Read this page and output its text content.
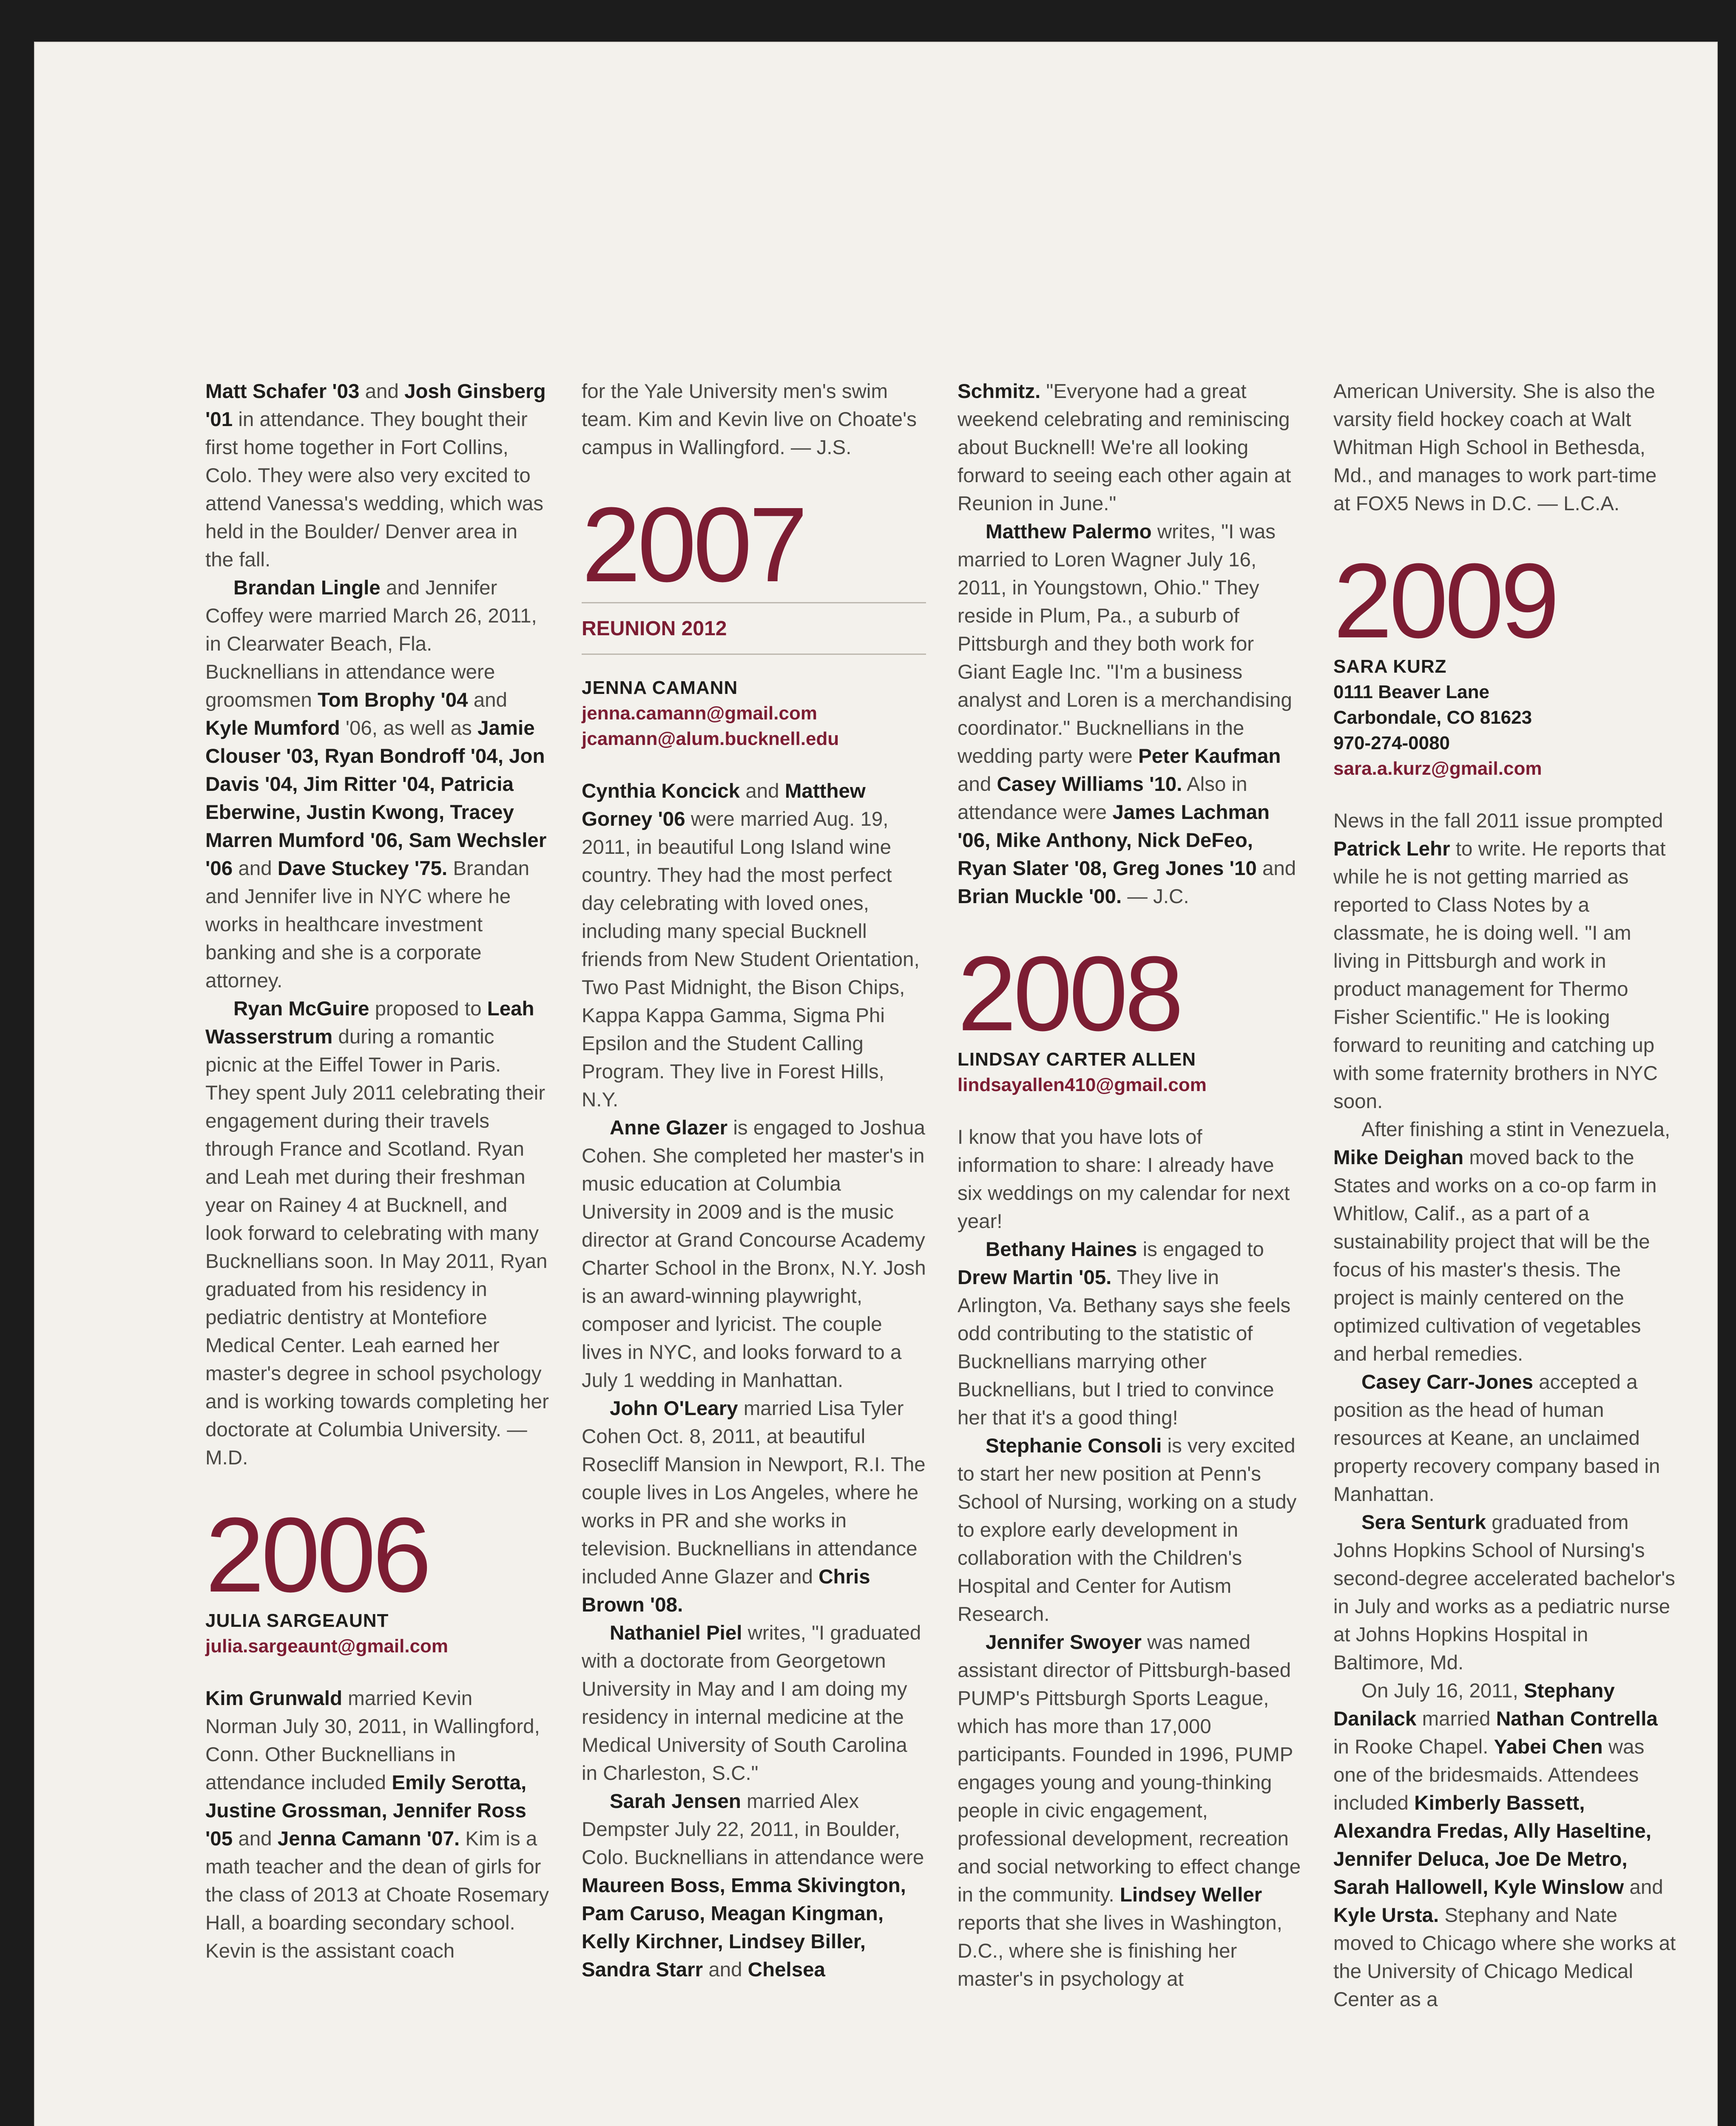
Matt Schafer '03 and Josh Ginsberg '01 in attendance. They bought their first home together in Fort Collins, Colo. They were also very excited to attend Vanessa's wedding, which was held in the Boulder/ Denver area in the fall.

Brandan Lingle and Jennifer Coffey were married March 26, 2011, in Clearwater Beach, Fla. Bucknellians in attendance were groomsmen Tom Brophy '04 and Kyle Mumford '06, as well as Jamie Clouser '03, Ryan Bondroff '04, Jon Davis '04, Jim Ritter '04, Patricia Eberwine, Justin Kwong, Tracey Marren Mumford '06, Sam Wechsler '06 and Dave Stuckey '75. Brandan and Jennifer live in NYC where he works in healthcare investment banking and she is a corporate attorney.

Ryan McGuire proposed to Leah Wasserstrum during a romantic picnic at the Eiffel Tower in Paris. They spent July 2011 celebrating their engagement during their travels through France and Scotland. Ryan and Leah met during their freshman year on Rainey 4 at Bucknell, and look forward to celebrating with many Bucknellians soon. In May 2011, Ryan graduated from his residency in pediatric dentistry at Montefiore Medical Center. Leah earned her master's degree in school psychology and is working towards completing her doctorate at Columbia University. — M.D.

2006
JULIA SARGEAUNT
julia.sargeaunt@gmail.com

Kim Grunwald married Kevin Norman July 30, 2011, in Wallingford, Conn. Other Bucknellians in attendance included Emily Serotta, Justine Grossman, Jennifer Ross '05 and Jenna Camann '07. Kim is a math teacher and the dean of girls for the class of 2013 at Choate Rosemary Hall, a boarding secondary school. Kevin is the assistant coach

for the Yale University men's swim team. Kim and Kevin live on Choate's campus in Wallingford. — J.S.

2007
REUNION 2012
JENNA CAMANN
jenna.camann@gmail.com
jcamann@alum.bucknell.edu

Cynthia Koncick and Matthew Gorney '06 were married Aug. 19, 2011, in beautiful Long Island wine country. They had the most perfect day celebrating with loved ones, including many special Bucknell friends from New Student Orientation, Two Past Midnight, the Bison Chips, Kappa Kappa Gamma, Sigma Phi Epsilon and the Student Calling Program. They live in Forest Hills, N.Y.

Anne Glazer is engaged to Joshua Cohen. She completed her master's in music education at Columbia University in 2009 and is the music director at Grand Concourse Academy Charter School in the Bronx, N.Y. Josh is an award-winning playwright, composer and lyricist. The couple lives in NYC, and looks forward to a July 1 wedding in Manhattan.

John O'Leary married Lisa Tyler Cohen Oct. 8, 2011, at beautiful Rosecliff Mansion in Newport, R.I. The couple lives in Los Angeles, where he works in PR and she works in television. Bucknellians in attendance included Anne Glazer and Chris Brown '08.

Nathaniel Piel writes, "I graduated with a doctorate from Georgetown University in May and I am doing my residency in internal medicine at the Medical University of South Carolina in Charleston, S.C."

Sarah Jensen married Alex Dempster July 22, 2011, in Boulder, Colo. Bucknellians in attendance were Maureen Boss, Emma Skivington, Pam Caruso, Meagan Kingman, Kelly Kirchner, Lindsey Biller, Sandra Starr and Chelsea

Schmitz. "Everyone had a great weekend celebrating and reminiscing about Bucknell! We're all looking forward to seeing each other again at Reunion in June."

Matthew Palermo writes, "I was married to Loren Wagner July 16, 2011, in Youngstown, Ohio." They reside in Plum, Pa., a suburb of Pittsburgh and they both work for Giant Eagle Inc. "I'm a business analyst and Loren is a merchandising coordinator." Bucknellians in the wedding party were Peter Kaufman and Casey Williams '10. Also in attendance were James Lachman '06, Mike Anthony, Nick DeFeo, Ryan Slater '08, Greg Jones '10 and Brian Muckle '00. — J.C.

2008
LINDSAY CARTER ALLEN
lindsayallen410@gmail.com

I know that you have lots of information to share: I already have six weddings on my calendar for next year!

Bethany Haines is engaged to Drew Martin '05. They live in Arlington, Va. Bethany says she feels odd contributing to the statistic of Bucknellians marrying other Bucknellians, but I tried to convince her that it's a good thing!

Stephanie Consoli is very excited to start her new position at Penn's School of Nursing, working on a study to explore early development in collaboration with the Children's Hospital and Center for Autism Research.

Jennifer Swoyer was named assistant director of Pittsburgh-based PUMP's Pittsburgh Sports League, which has more than 17,000 participants. Founded in 1996, PUMP engages young and young-thinking people in civic engagement, professional development, recreation and social networking to effect change in the community. Lindsey Weller reports that she lives in Washington, D.C., where she is finishing her master's in psychology at

American University. She is also the varsity field hockey coach at Walt Whitman High School in Bethesda, Md., and manages to work part-time at FOX5 News in D.C. — L.C.A.

2009
SARA KURZ
0111 Beaver Lane
Carbondale, CO 81623
970-274-0080
sara.a.kurz@gmail.com

News in the fall 2011 issue prompted Patrick Lehr to write. He reports that while he is not getting married as reported to Class Notes by a classmate, he is doing well. "I am living in Pittsburgh and work in product management for Thermo Fisher Scientific." He is looking forward to reuniting and catching up with some fraternity brothers in NYC soon.

After finishing a stint in Venezuela, Mike Deighan moved back to the States and works on a co-op farm in Whitlow, Calif., as a part of a sustainability project that will be the focus of his master's thesis. The project is mainly centered on the optimized cultivation of vegetables and herbal remedies.

Casey Carr-Jones accepted a position as the head of human resources at Keane, an unclaimed property recovery company based in Manhattan.

Sera Senturk graduated from Johns Hopkins School of Nursing's second-degree accelerated bachelor's in July and works as a pediatric nurse at Johns Hopkins Hospital in Baltimore, Md.

On July 16, 2011, Stephany Danilack married Nathan Contrella in Rooke Chapel. Yabei Chen was one of the bridesmaids. Attendees included Kimberly Bassett, Alexandra Fredas, Ally Haseltine, Jennifer Deluca, Joe De Metro, Sarah Hallowell, Kyle Winslow and Kyle Ursta. Stephany and Nate moved to Chicago where she works at the University of Chicago Medical Center as a
